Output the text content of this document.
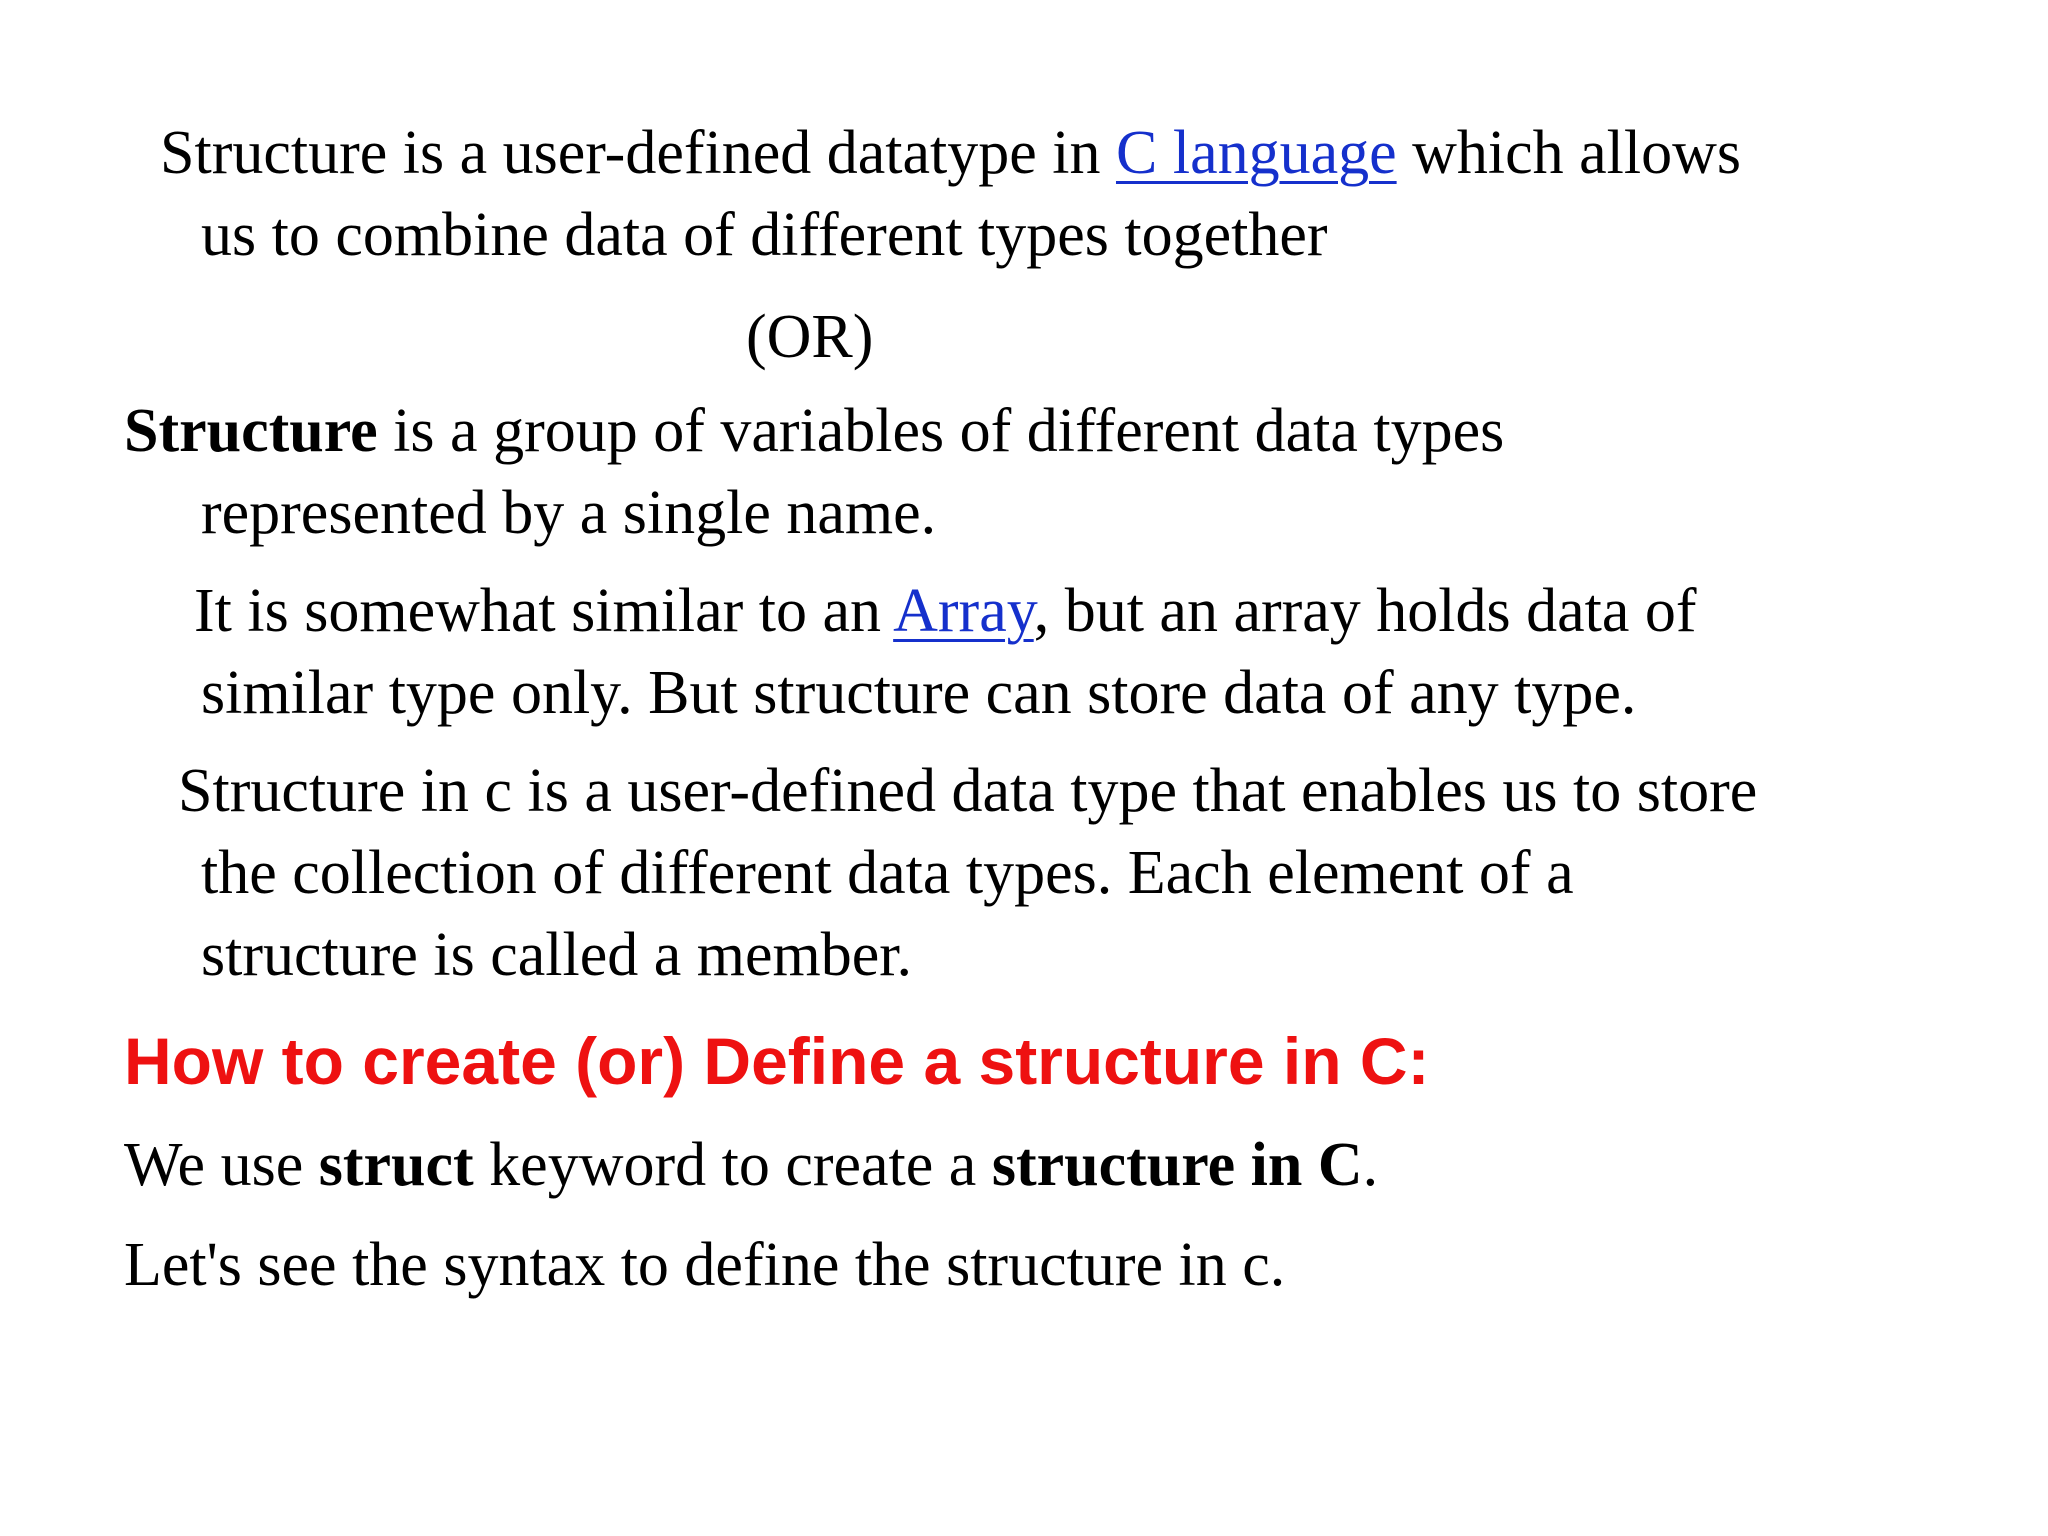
Structure is a user-defined datatype in C language which allows
us to combine data of different types together
(OR)
Structure is a group of variables of different data types
represented by a single name.
It is somewhat similar to an Array, but an array holds data of
similar type only. But structure can store data of any type.
Structure in c is a user-defined data type that enables us to store
the collection of different data types. Each element of a
structure is called a member.
How to create (or) Define a structure in C:
We use struct keyword to create a structure in C.
Let's see the syntax to define the structure in c.
